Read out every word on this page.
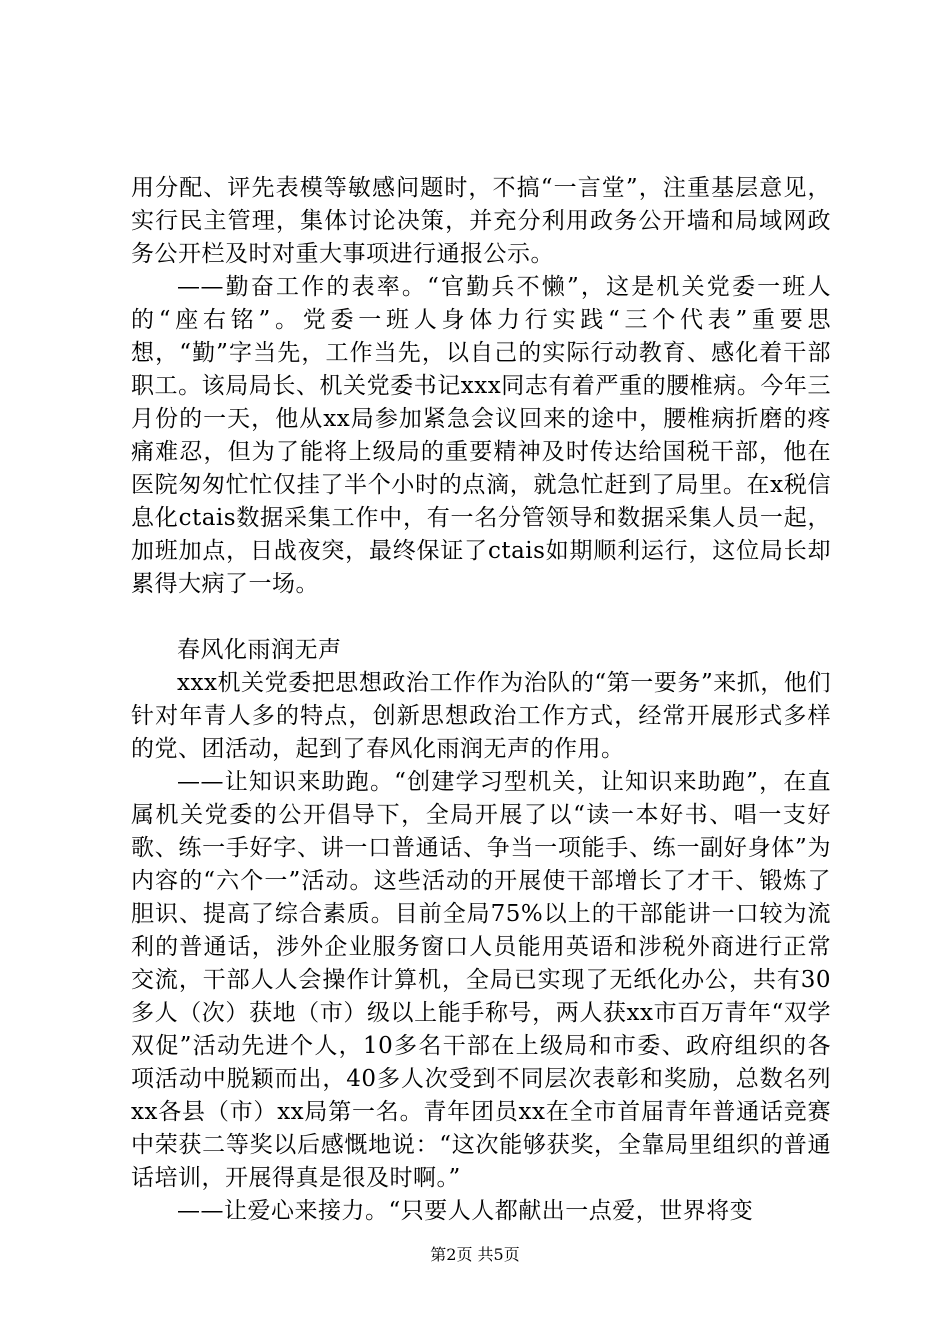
用分配、评先表模等敏感问题时，不搞“一言堂”，注重基层意见，实行民主管理，集体讨论决策，并充分利用政务公开墙和局域网政务公开栏及时对重大事项进行通报公示。

——勤奋工作的表率。“官勤兵不懒”，这是机关党委一班人的“座右铭”。党委一班人身体力行实践“三个代表”重要思想，“勤”字当先，工作当先，以自己的实际行动教育、感化着干部职工。该局局长、机关党委书记xxx同志有着严重的腰椎病。今年三月份的一天，他从xx局参加紧急会议回来的途中，腰椎病折磨的疼痛难忍，但为了能将上级局的重要精神及时传达给国税干部，他在医院匆匆忙忙仅挂了半个小时的点滴，就急忙赶到了局里。在x税信息化ctais数据采集工作中，有一名分管领导和数据采集人员一起，加班加点，日战夜突，最终保证了ctais如期顺利运行，这位局长却累得大病了一场。

春风化雨润无声

xxx机关党委把思想政治工作作为治队的“第一要务”来抓，他们针对年青人多的特点，创新思想政治工作方式，经常开展形式多样的党、团活动，起到了春风化雨润无声的作用。

——让知识来助跑。“创建学习型机关，让知识来助跑”，在直属机关党委的公开倡导下，全局开展了以“读一本好书、唱一支好歌、练一手好字、讲一口普通话、争当一项能手、练一副好身体”为内容的“六个一”活动。这些活动的开展使干部增长了才干、锻炼了胆识、提高了综合素质。目前全局75%以上的干部能讲一口较为流利的普通话，涉外企业服务窗口人员能用英语和涉税外商进行正常交流，干部人人会操作计算机，全局已实现了无纸化办公，共有30多人（次）获地（市）级以上能手称号，两人获xx市百万青年“双学双促”活动先进个人，10多名干部在上级局和市委、政府组织的各项活动中脱颖而出，40多人次受到不同层次表彰和奖励，总数名列xx各县（市）xx局第一名。青年团员xx在全市首届青年普通话竞赛中荣获二等奖以后感慨地说：“这次能够获奖，全靠局里组织的普通话培训，开展得真是很及时啊。”

——让爱心来接力。“只要人人都献出一点爱，世界将变

第2页 共5页
